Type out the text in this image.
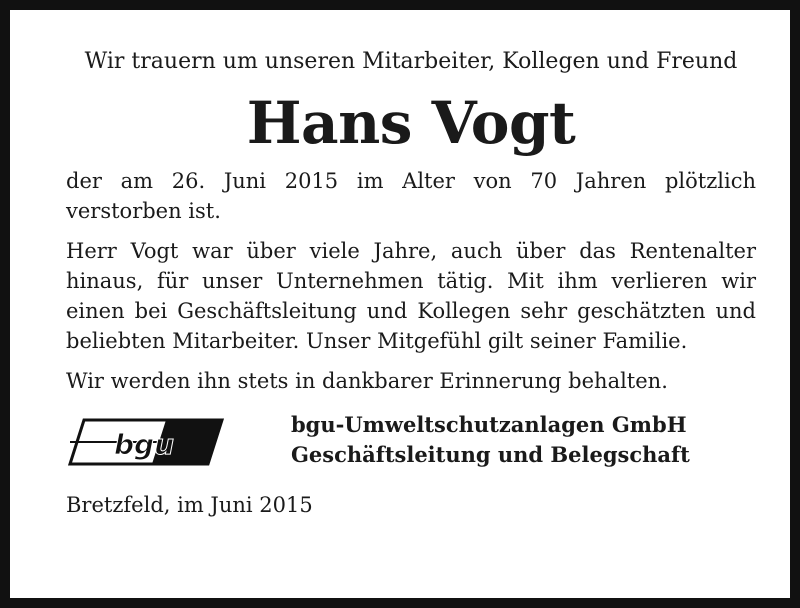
Wir trauern um unseren Mitarbeiter, Kollegen und Freund

Hans Vogt

der am 26. Juni 2015 im Alter von 70 Jahren plötzlich verstorben ist.

Herr Vogt war über viele Jahre, auch über das Rentenalter hinaus, für unser Unternehmen tätig. Mit ihm verlieren wir einen bei Geschäftsleitung und Kollegen sehr geschätzten und beliebten Mitarbeiter. Unser Mitgefühl gilt seiner Familie.

Wir werden ihn stets in dankbarer Erinnerung behalten.

bgu
bgu-Umweltschutzanlagen GmbH
Geschäftsleitung und Belegschaft

Bretzfeld, im Juni 2015
